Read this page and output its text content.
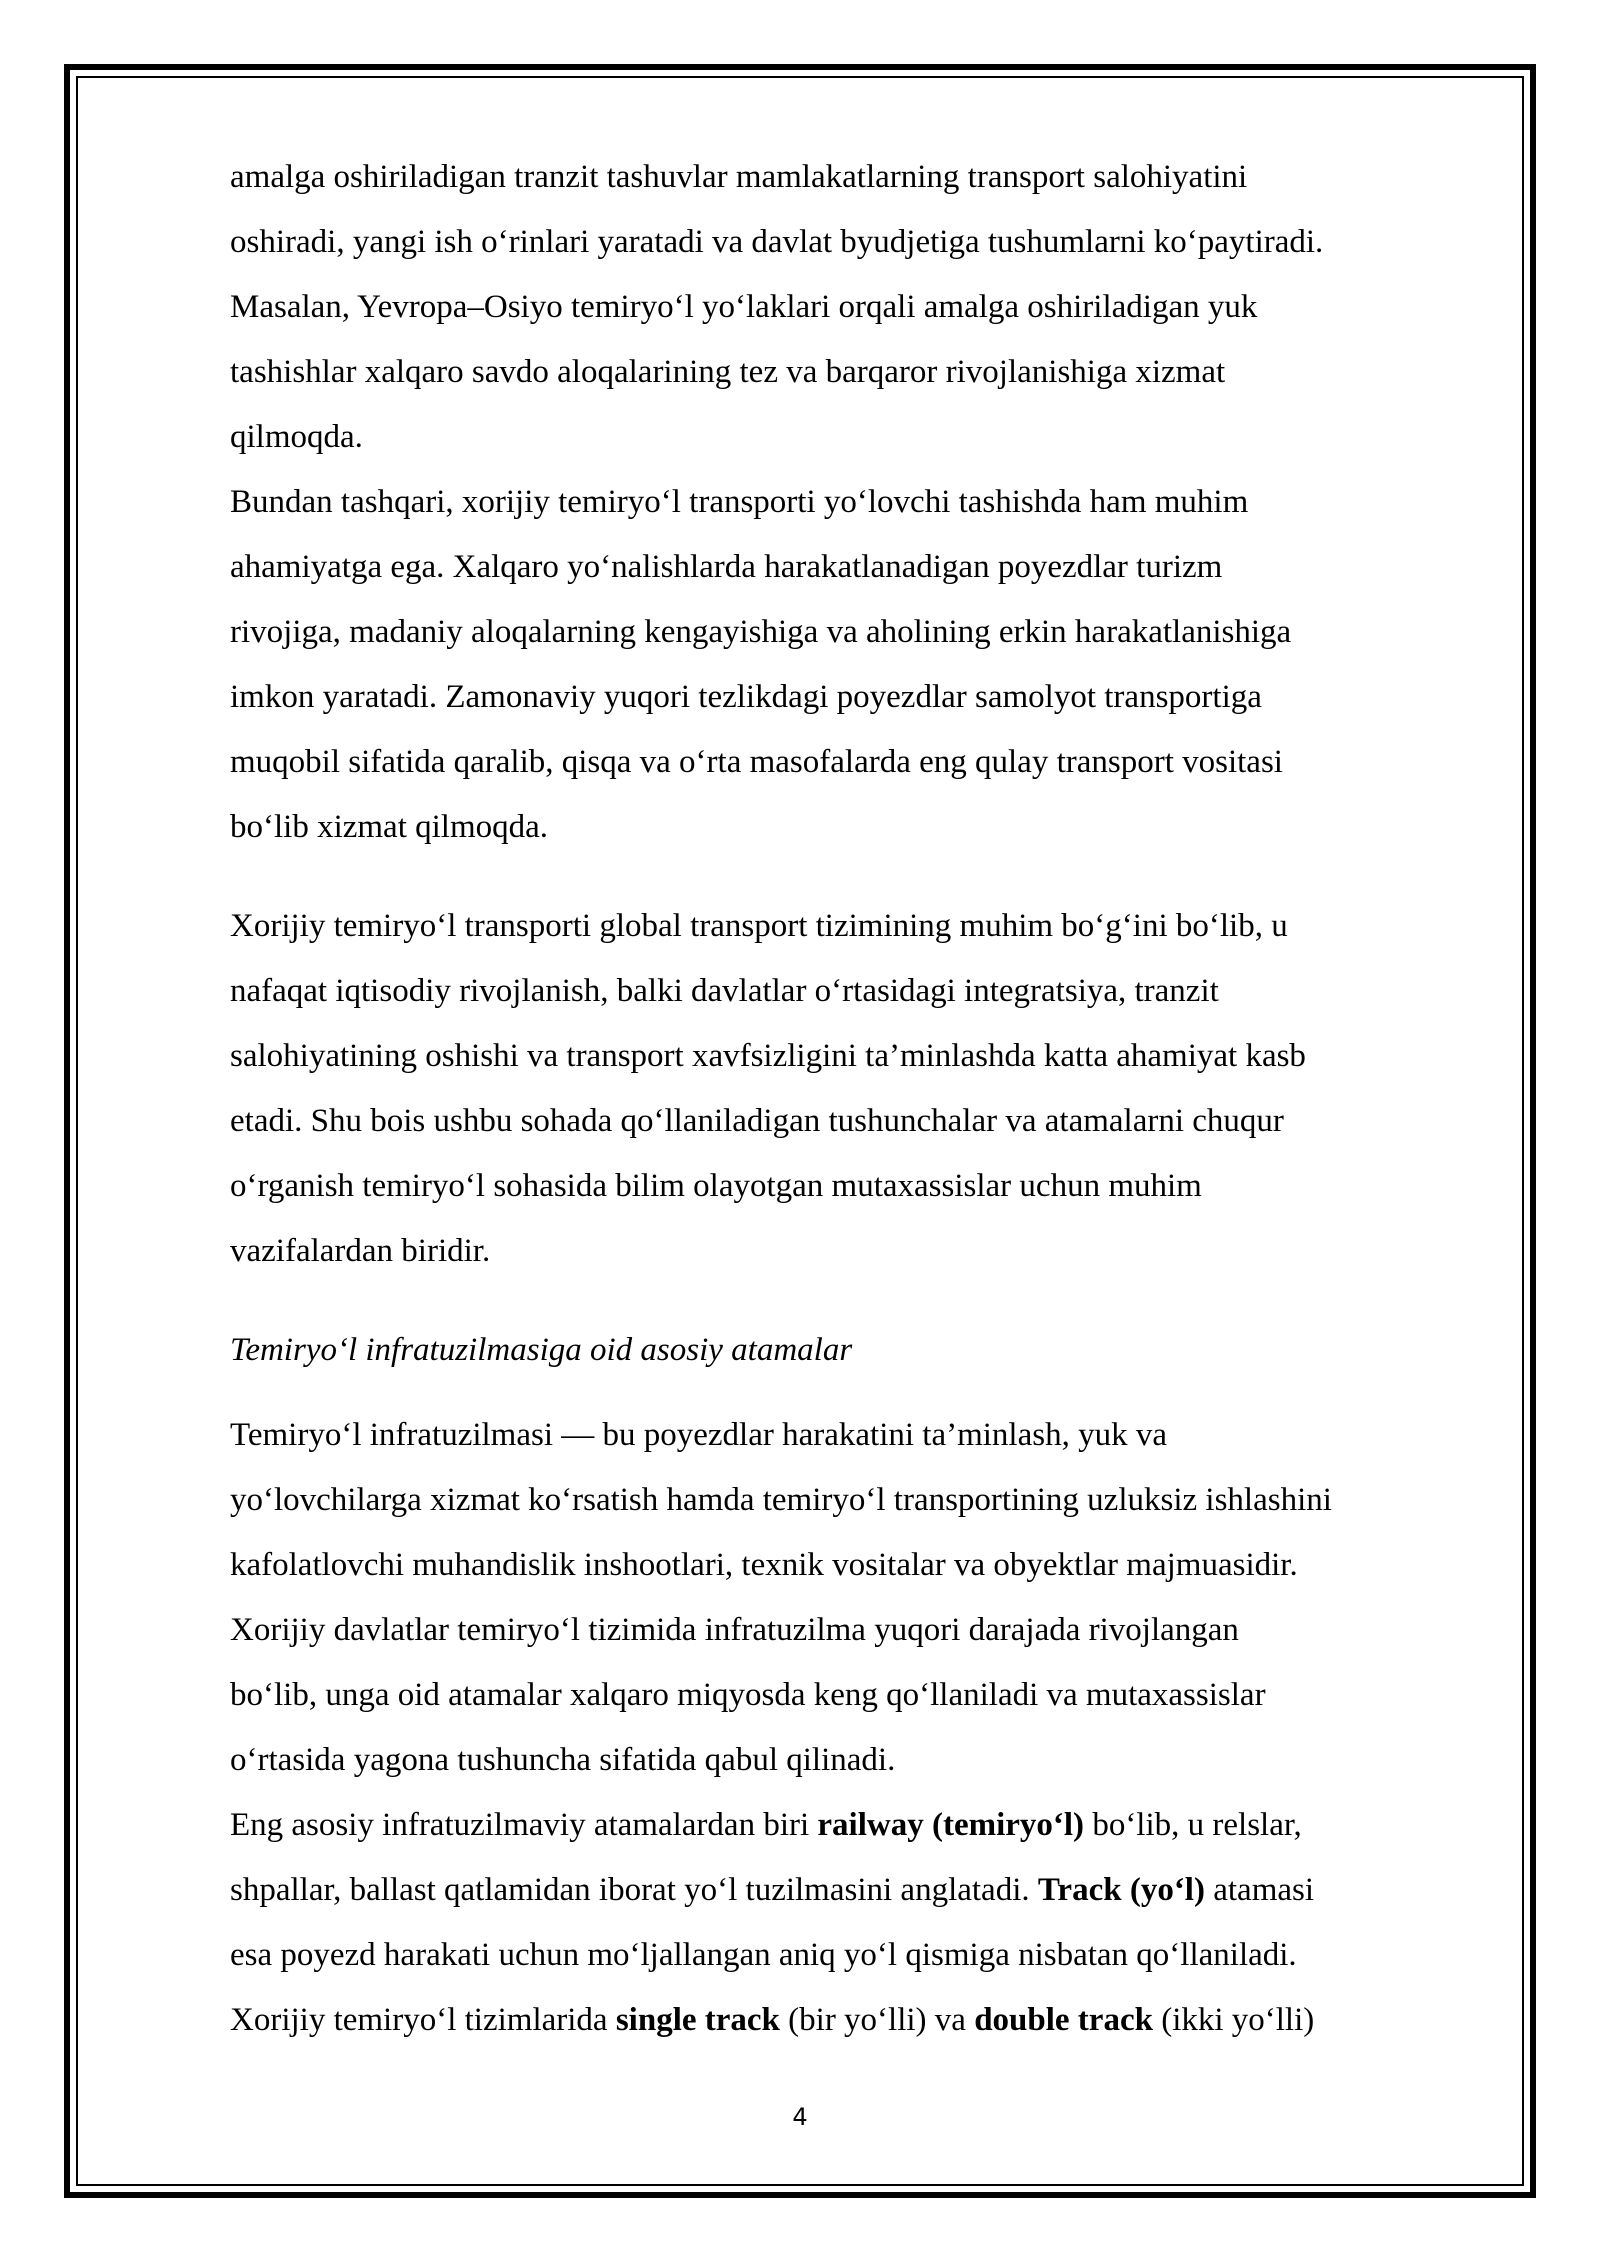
amalga oshiriladigan tranzit tashuvlar mamlakatlarning transport salohiyatini
oshiradi, yangi ish o‘rinlari yaratadi va davlat byudjetiga tushumlarni ko‘paytiradi.
Masalan, Yevropa–Osiyo temiryo‘l yo‘laklari orqali amalga oshiriladigan yuk
tashishlar xalqaro savdo aloqalarining tez va barqaror rivojlanishiga xizmat
qilmoqda.

Bundan tashqari, xorijiy temiryo‘l transporti yo‘lovchi tashishda ham muhim
ahamiyatga ega. Xalqaro yo‘nalishlarda harakatlanadigan poyezdlar turizm
rivojiga, madaniy aloqalarning kengayishiga va aholining erkin harakatlanishiga
imkon yaratadi. Zamonaviy yuqori tezlikdagi poyezdlar samolyot transportiga
muqobil sifatida qaralib, qisqa va o‘rta masofalarda eng qulay transport vositasi
bo‘lib xizmat qilmoqda.

Xorijiy temiryo‘l transporti global transport tizimining muhim bo‘g‘ini bo‘lib, u
nafaqat iqtisodiy rivojlanish, balki davlatlar o‘rtasidagi integratsiya, tranzit
salohiyatining oshishi va transport xavfsizligini ta’minlashda katta ahamiyat kasb
etadi. Shu bois ushbu sohada qo‘llaniladigan tushunchalar va atamalarni chuqur
o‘rganish temiryo‘l sohasida bilim olayotgan mutaxassislar uchun muhim
vazifalardan biridir.

Temiryo‘l infratuzilmasiga oid asosiy atamalar

Temiryo‘l infratuzilmasi — bu poyezdlar harakatini ta’minlash, yuk va
yo‘lovchilarga xizmat ko‘rsatish hamda temiryo‘l transportining uzluksiz ishlashini
kafolatlovchi muhandislik inshootlari, texnik vositalar va obyektlar majmuasidir.
Xorijiy davlatlar temiryo‘l tizimida infratuzilma yuqori darajada rivojlangan
bo‘lib, unga oid atamalar xalqaro miqyosda keng qo‘llaniladi va mutaxassislar
o‘rtasida yagona tushuncha sifatida qabul qilinadi.

Eng asosiy infratuzilmaviy atamalardan biri railway (temiryo‘l) bo‘lib, u relslar,
shpallar, ballast qatlamidan iborat yo‘l tuzilmasini anglatadi. Track (yo‘l) atamasi
esa poyezd harakati uchun mo‘ljallangan aniq yo‘l qismiga nisbatan qo‘llaniladi.
Xorijiy temiryo‘l tizimlarida single track (bir yo‘lli) va double track (ikki yo‘lli)

4
